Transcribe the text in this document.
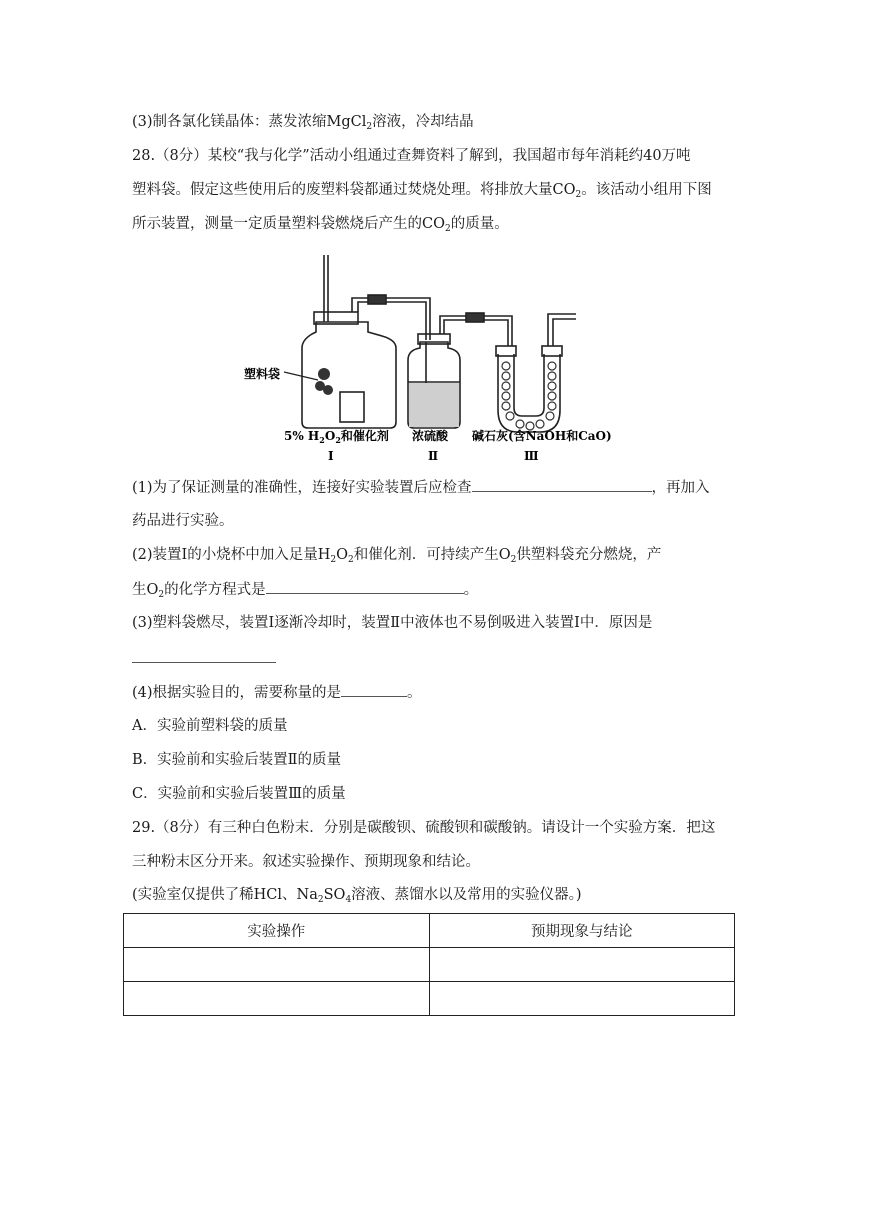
(3)制各氯化镁晶体：蒸发浓缩MgCl$_2$溶液，冷却结晶
28.（8分）某校“我与化学”活动小组通过查舞资料了解到，我国超市每年消耗约40万吨
塑料袋。假定这些使用后的废塑料袋都通过焚烧处理。将排放大量$CO_2$。该活动小组用下图
所示装置，测量一定质量塑料袋燃烧后产生的$CO_2$的质量。
塑料袋
5% $H_2O_2$和催化剂 浓硫酸 碱石灰(含NaOH和CaO)
Ⅰ	Ⅱ	Ⅲ
(1)为了保证测量的准确性，连接好实验装置后应检查	，再加入
药品进行实验。
(2)装置Ⅰ的小烧杯中加入足量$H_2O_2$和催化剂．可持续产生$O_2$供塑料袋充分燃烧，产
生$O_2$的化学方程式是	。
(3)塑料袋燃尽，装置Ⅰ逐渐冷却时，装置Ⅱ中液体也不易倒吸进入装置Ⅰ中．原因是
(4)根据实验目的，需要称量的是	。
A．实验前塑料袋的质量
B．实验前和实验后装置Ⅱ的质量
C．实验前和实验后装置Ⅲ的质量
29.（8分）有三种白色粉末．分别是碳酸钡、硫酸钡和碳酸钠。请设计一个实验方案．把这
三种粉末区分开来。叙述实验操作、预期现象和结论。
(实验室仅提供了稀HCl、$Na_2SO_4$溶液、蒸馏水以及常用的实验仪器。)
实验操作	预期现象与结论
